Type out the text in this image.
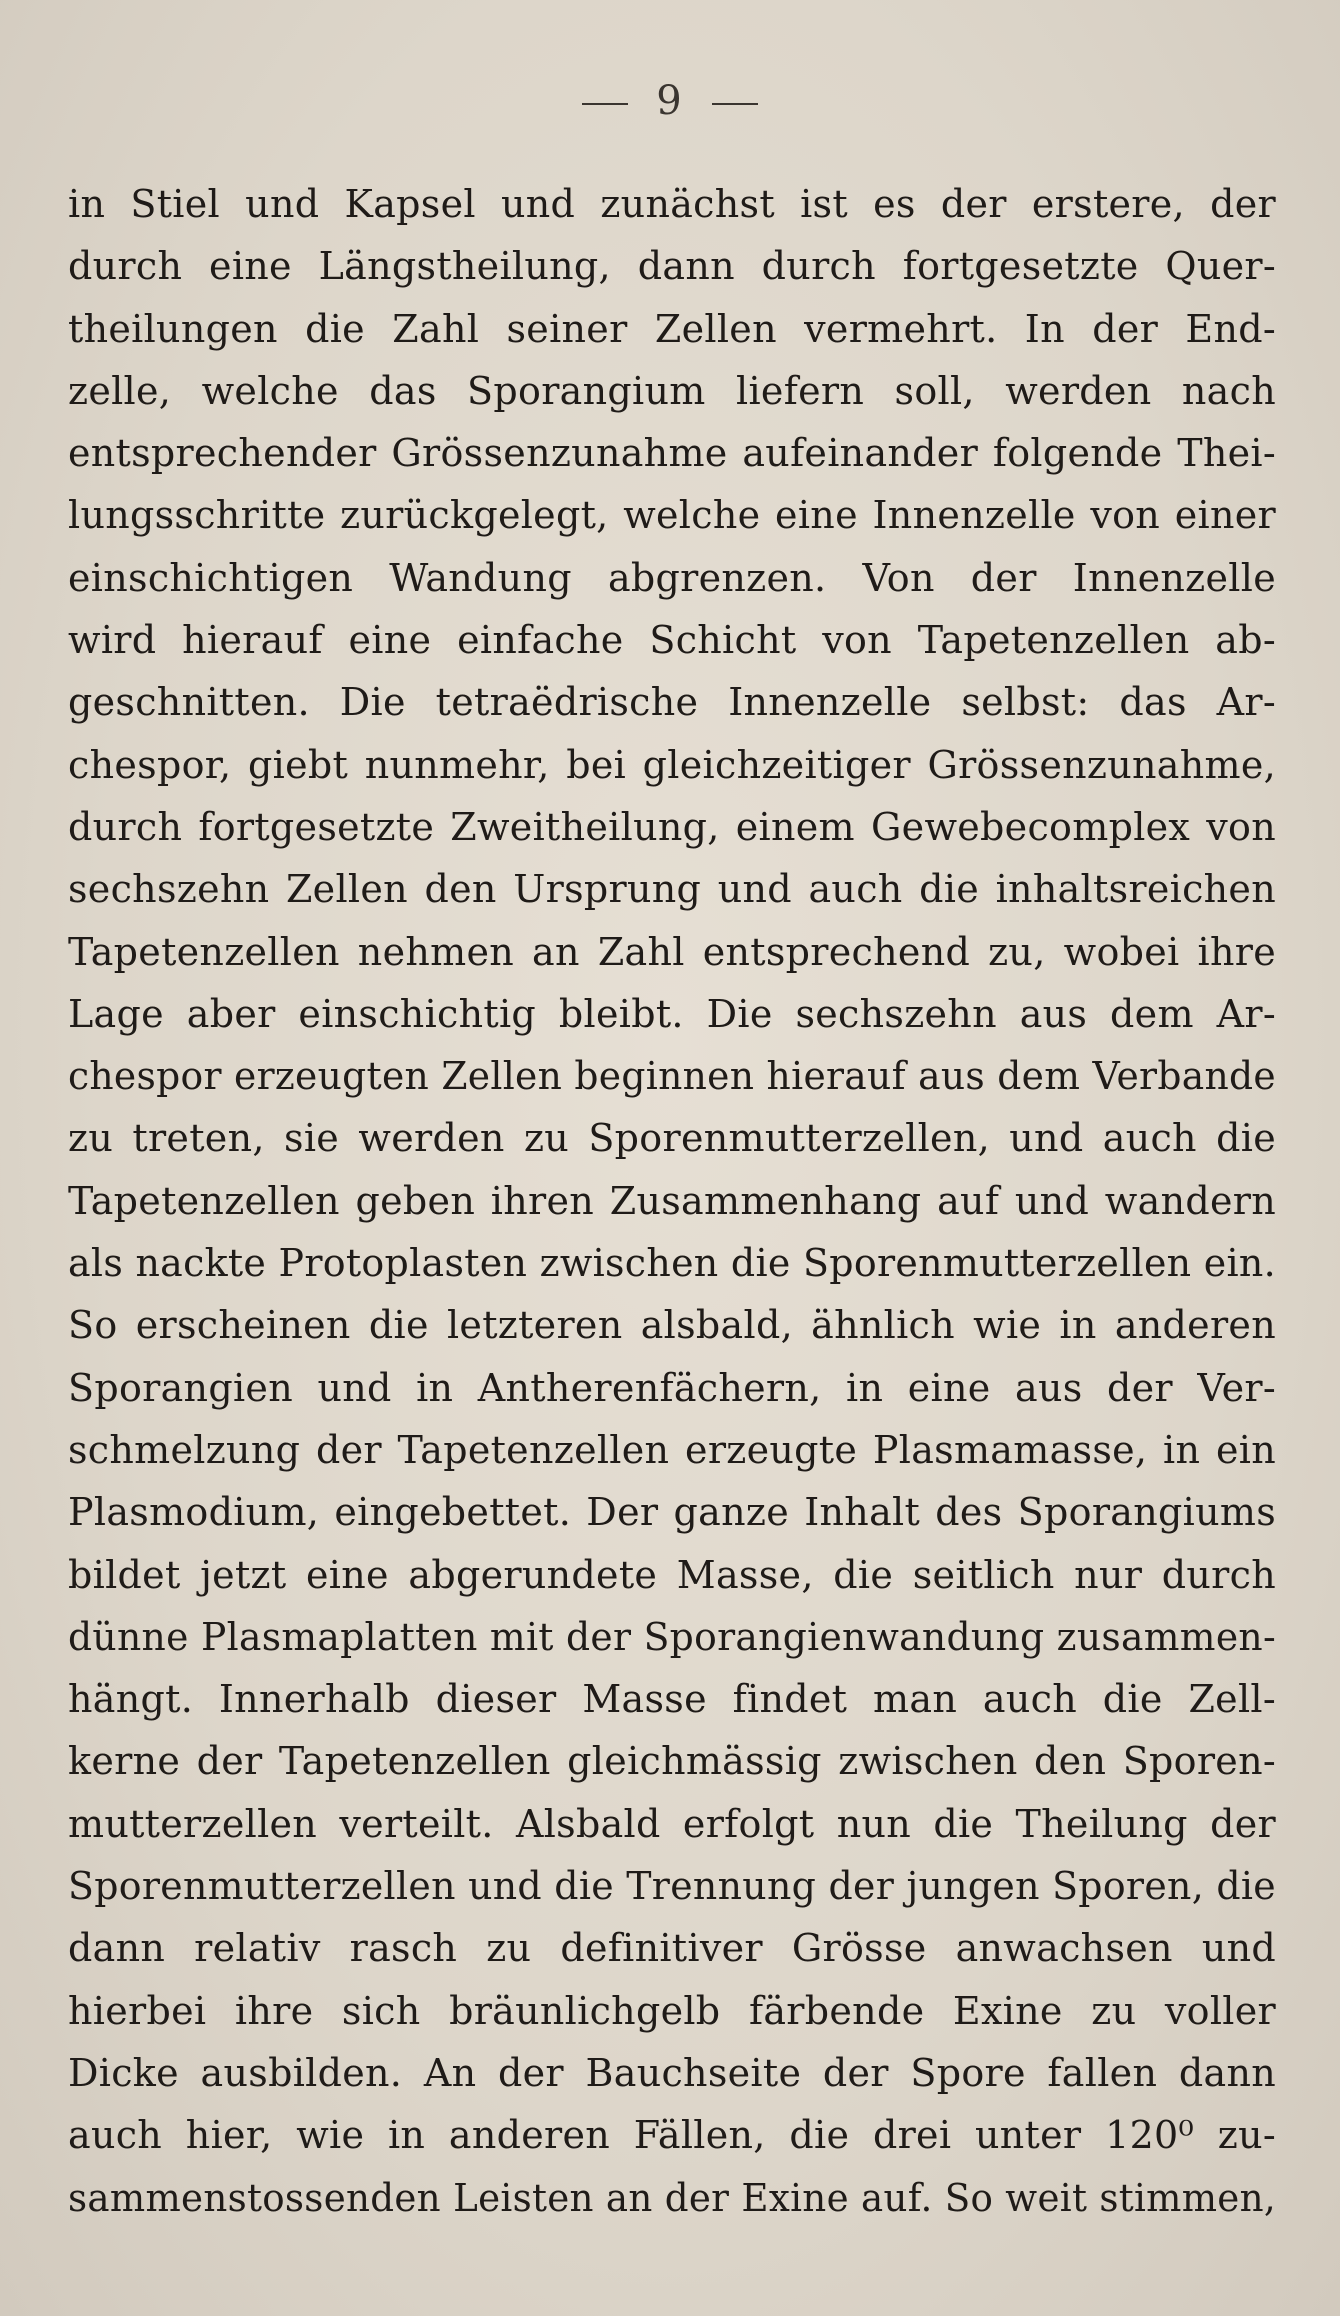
9
in Stiel und Kapsel und zunächst ist es der erstere, der
durch eine Längstheilung, dann durch fortgesetzte Quer-
theilungen die Zahl seiner Zellen vermehrt. In der End-
zelle, welche das Sporangium liefern soll, werden nach
entsprechender Grössenzunahme aufeinander folgende Thei-
lungsschritte zurückgelegt, welche eine Innenzelle von einer
einschichtigen Wandung abgrenzen. Von der Innenzelle
wird hierauf eine einfache Schicht von Tapetenzellen ab-
geschnitten. Die tetraëdrische Innenzelle selbst: das Ar-
chespor, giebt nunmehr, bei gleichzeitiger Grössenzunahme,
durch fortgesetzte Zweitheilung, einem Gewebecomplex von
sechszehn Zellen den Ursprung und auch die inhaltsreichen
Tapetenzellen nehmen an Zahl entsprechend zu, wobei ihre
Lage aber einschichtig bleibt. Die sechszehn aus dem Ar-
chespor erzeugten Zellen beginnen hierauf aus dem Verbande
zu treten, sie werden zu Sporenmutterzellen, und auch die
Tapetenzellen geben ihren Zusammenhang auf und wandern
als nackte Protoplasten zwischen die Sporenmutterzellen ein.
So erscheinen die letzteren alsbald, ähnlich wie in anderen
Sporangien und in Antherenfächern, in eine aus der Ver-
schmelzung der Tapetenzellen erzeugte Plasmamasse, in ein
Plasmodium, eingebettet. Der ganze Inhalt des Sporangiums
bildet jetzt eine abgerundete Masse, die seitlich nur durch
dünne Plasmaplatten mit der Sporangienwandung zusammen-
hängt. Innerhalb dieser Masse findet man auch die Zell-
kerne der Tapetenzellen gleichmässig zwischen den Sporen-
mutterzellen verteilt. Alsbald erfolgt nun die Theilung der
Sporenmutterzellen und die Trennung der jungen Sporen, die
dann relativ rasch zu definitiver Grösse anwachsen und
hierbei ihre sich bräunlichgelb färbende Exine zu voller
Dicke ausbilden. An der Bauchseite der Spore fallen dann
auch hier, wie in anderen Fällen, die drei unter 120⁰ zu-
sammenstossenden Leisten an der Exine auf. So weit stimmen,
